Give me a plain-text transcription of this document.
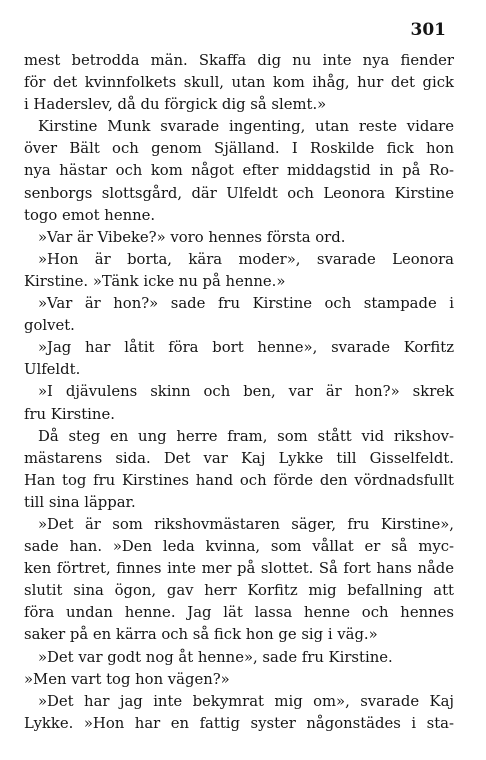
301
mest betrodda män. Skaffa dig nu inte nya fiender
för det kvinnfolkets skull, utan kom ihåg, hur det gick
i Haderslev, då du förgick dig så slemt.»
Kirstine Munk svarade ingenting, utan reste vidare
över Bält och genom Själland. I Roskilde fick hon
nya hästar och kom något efter middagstid in på Ro-
senborgs slottsgård, där Ulfeldt och Leonora Kirstine
togo emot henne.
»Var är Vibeke?» voro hennes första ord.
»Hon är borta, kära moder», svarade Leonora
Kirstine. »Tänk icke nu på henne.»
»Var är hon?» sade fru Kirstine och stampade i
golvet.
»Jag har låtit föra bort henne», svarade Korfitz
Ulfeldt.
»I djävulens skinn och ben, var är hon?» skrek
fru Kirstine.
Då steg en ung herre fram, som stått vid rikshov-
mästarens sida. Det var Kaj Lykke till Gisselfeldt.
Han tog fru Kirstines hand och förde den vördnadsfullt
till sina läppar.
»Det är som rikshovmästaren säger, fru Kirstine»,
sade han. »Den leda kvinna, som vållat er så myc-
ken förtret, finnes inte mer på slottet. Så fort hans nåde
slutit sina ögon, gav herr Korfitz mig befallning att
föra undan henne. Jag lät lassa henne och hennes
saker på en kärra och så fick hon ge sig i väg.»
»Det var godt nog åt henne», sade fru Kirstine.
»Men vart tog hon vägen?»
»Det har jag inte bekymrat mig om», svarade Kaj
Lykke. »Hon har en fattig syster någonstädes i sta-
